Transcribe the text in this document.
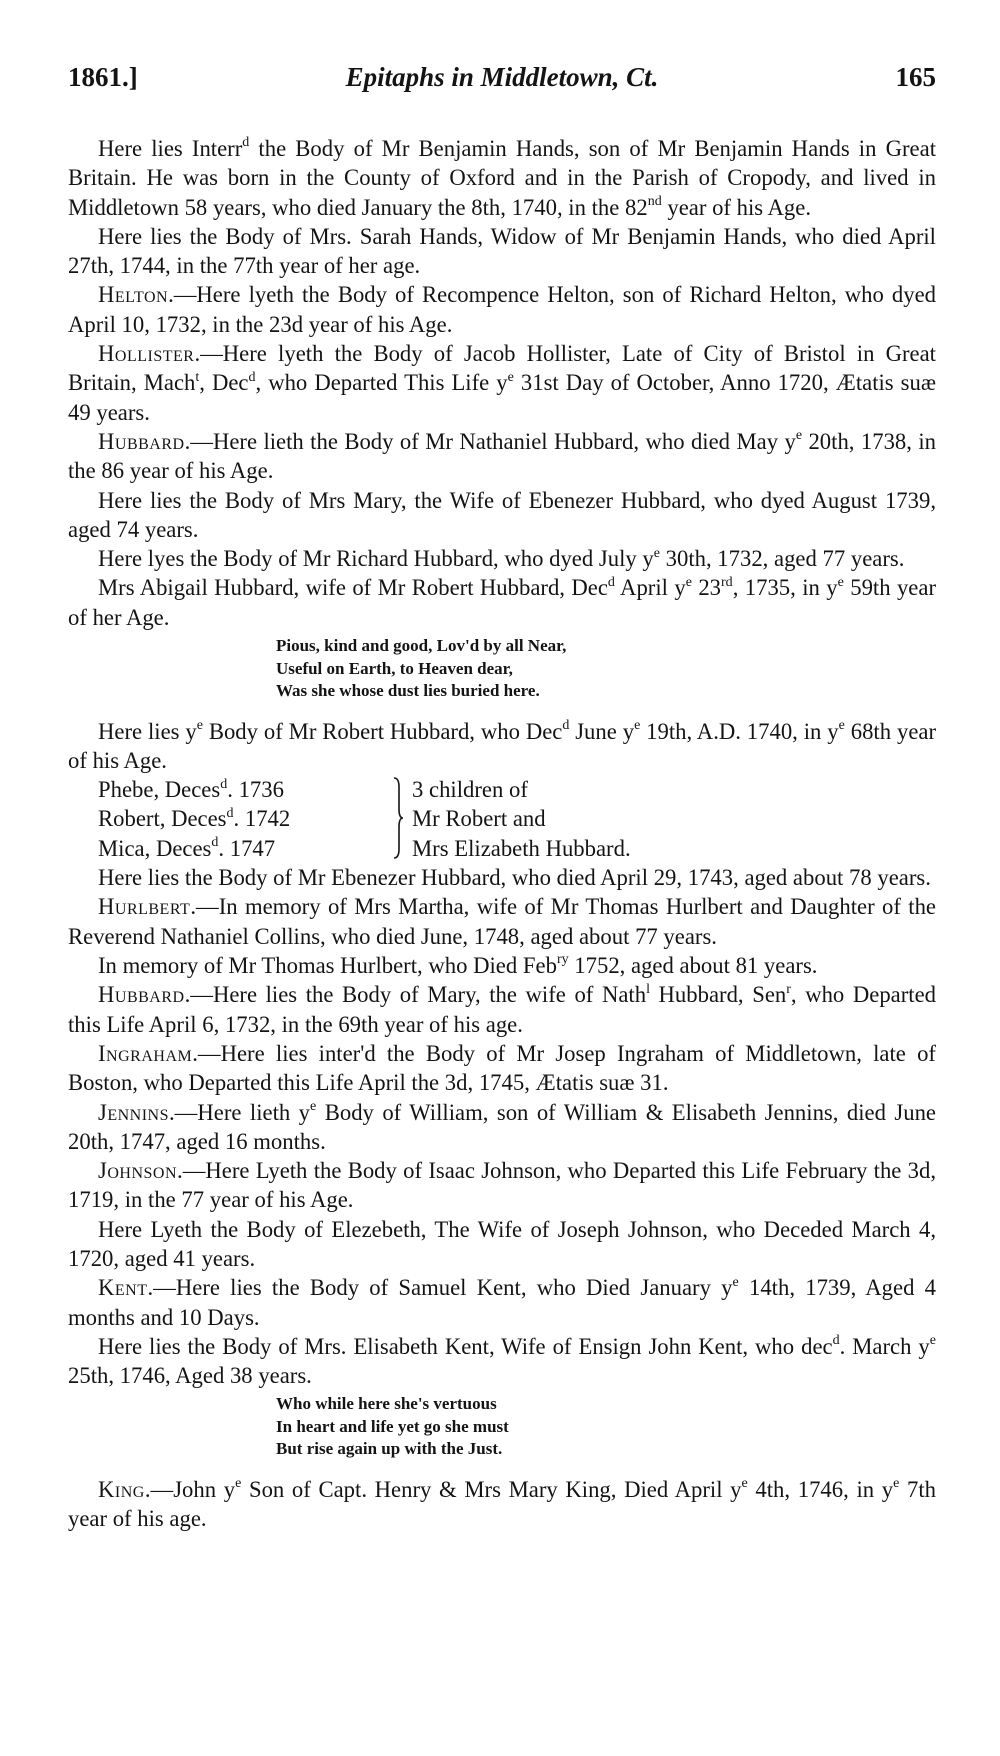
1861.]	Epitaphs in Middletown, Ct.	165

Here lies Interr$^d$ the Body of Mr Benjamin Hands, son of Mr Benjamin Hands in Great Britain. He was born in the County of Oxford and in the Parish of Cropody, and lived in Middletown 58 years, who died January the 8th, 1740, in the 82nd year of his Age.

Here lies the Body of Mrs. Sarah Hands, Widow of Mr Benjamin Hands, who died April 27th, 1744, in the 77th year of her age.

Helton.—Here lyeth the Body of Recompence Helton, son of Richard Helton, who dyed April 10, 1732, in the 23d year of his Age.

Hollister.—Here lyeth the Body of Jacob Hollister, Late of City of Bristol in Great Britain, Mach$^t$, Dec$^d$, who Departed This Life $y^e$ 31st Day of October, Anno 1720, Ætatis suæ 49 years.

Hubbard.—Here lieth the Body of Mr Nathaniel Hubbard, who died May $y^e$ 20th, 1738, in the 86 year of his Age.

Here lies the Body of Mrs Mary, the Wife of Ebenezer Hubbard, who dyed August 1739, aged 74 years.

Here lyes the Body of Mr Richard Hubbard, who dyed July $y^e$ 30th, 1732, aged 77 years.

Mrs Abigail Hubbard, wife of Mr Robert Hubbard, Dec$^d$ April $y^e$ 23rd, 1735, in $y^e$ 59th year of her Age.

Pious, kind and good, Lov'd by all Near,
Useful on Earth, to Heaven dear,
Was she whose dust lies buried here.

Here lies $y^e$ Body of Mr Robert Hubbard, who Dec$^d$ June $y^e$ 19th, A.D. 1740, in $y^e$ 68th year of his Age.

Phebe, Deces$^d$. 1736
Robert, Deces$^d$. 1742
Mica, Deces$^d$. 1747
3 children of
Mr Robert and
Mrs Elizabeth Hubbard.

Here lies the Body of Mr Ebenezer Hubbard, who died April 29, 1743, aged about 78 years.

Hurlbert.—In memory of Mrs Martha, wife of Mr Thomas Hurlbert and Daughter of the Reverend Nathaniel Collins, who died June, 1748, aged about 77 years.

In memory of Mr Thomas Hurlbert, who Died Feb$^{ry}$ 1752, aged about 81 years.

Hubbard.—Here lies the Body of Mary, the wife of Nath$^l$ Hubbard, Sen$^r$, who Departed this Life April 6, 1732, in the 69th year of his age.

Ingraham.—Here lies inter'd the Body of Mr Josep Ingraham of Middletown, late of Boston, who Departed this Life April the 3d, 1745, Ætatis suæ 31.

Jennins.—Here lieth $y^e$ Body of William, son of William & Elisabeth Jennins, died June 20th, 1747, aged 16 months.

Johnson.—Here Lyeth the Body of Isaac Johnson, who Departed this Life February the 3d, 1719, in the 77 year of his Age.

Here Lyeth the Body of Elezebeth, The Wife of Joseph Johnson, who Deceded March 4, 1720, aged 41 years.

Kent.—Here lies the Body of Samuel Kent, who Died January $y^e$ 14th, 1739, Aged 4 months and 10 Days.

Here lies the Body of Mrs. Elisabeth Kent, Wife of Ensign John Kent, who dec$^d$. March $y^e$ 25th, 1746, Aged 38 years.

Who while here she's vertuous
In heart and life yet go she must
But rise again up with the Just.

King.—John $y^e$ Son of Capt. Henry & Mrs Mary King, Died April $y^e$ 4th, 1746, in $y^e$ 7th year of his age.
